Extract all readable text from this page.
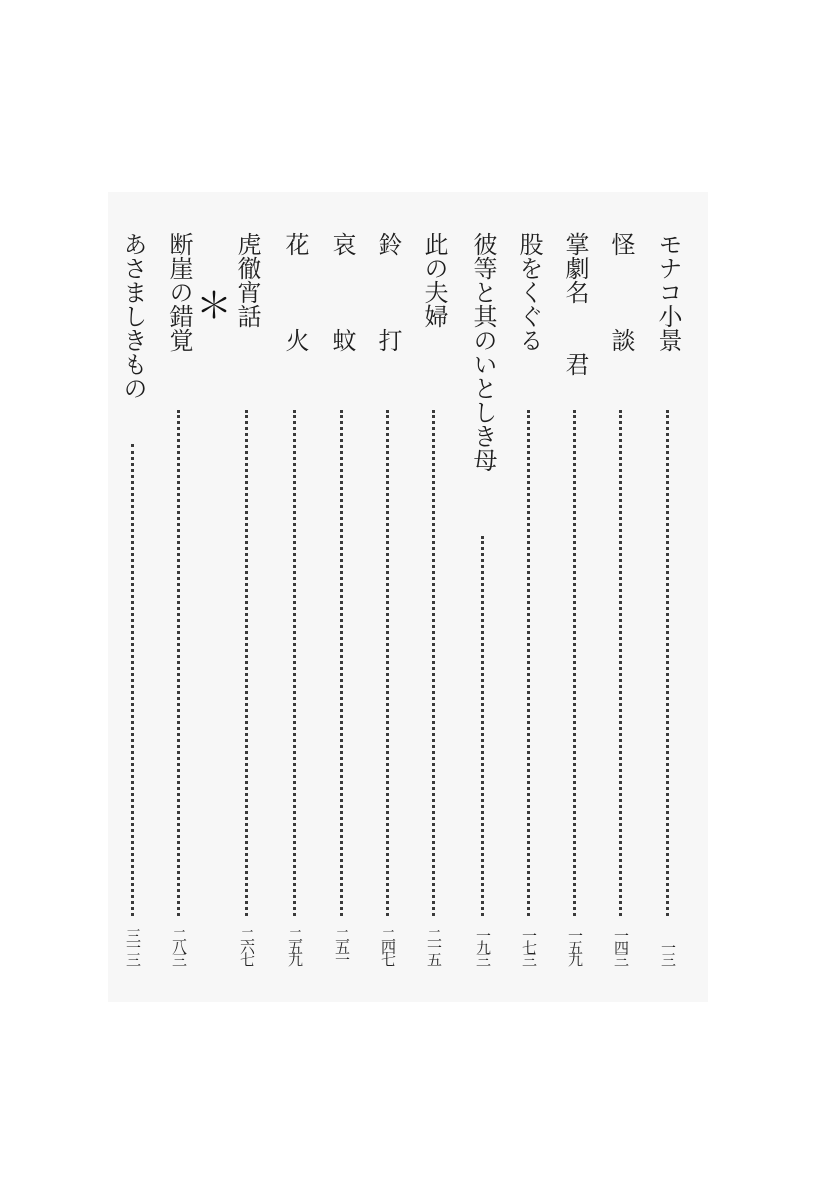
モナコ小景
一三
怪　　　談
一四三
掌劇名　　君
一五九
股をくぐる
一七三
彼等と其のいとしき母
一九三
此の夫婦
二一五
鈴　　　打
二四七
哀　　　蚊
二五一
花　　　火
二五九
虎徹宵話
二六七
＊
断崖の錯覚
二八三
あさましきもの
三一三
